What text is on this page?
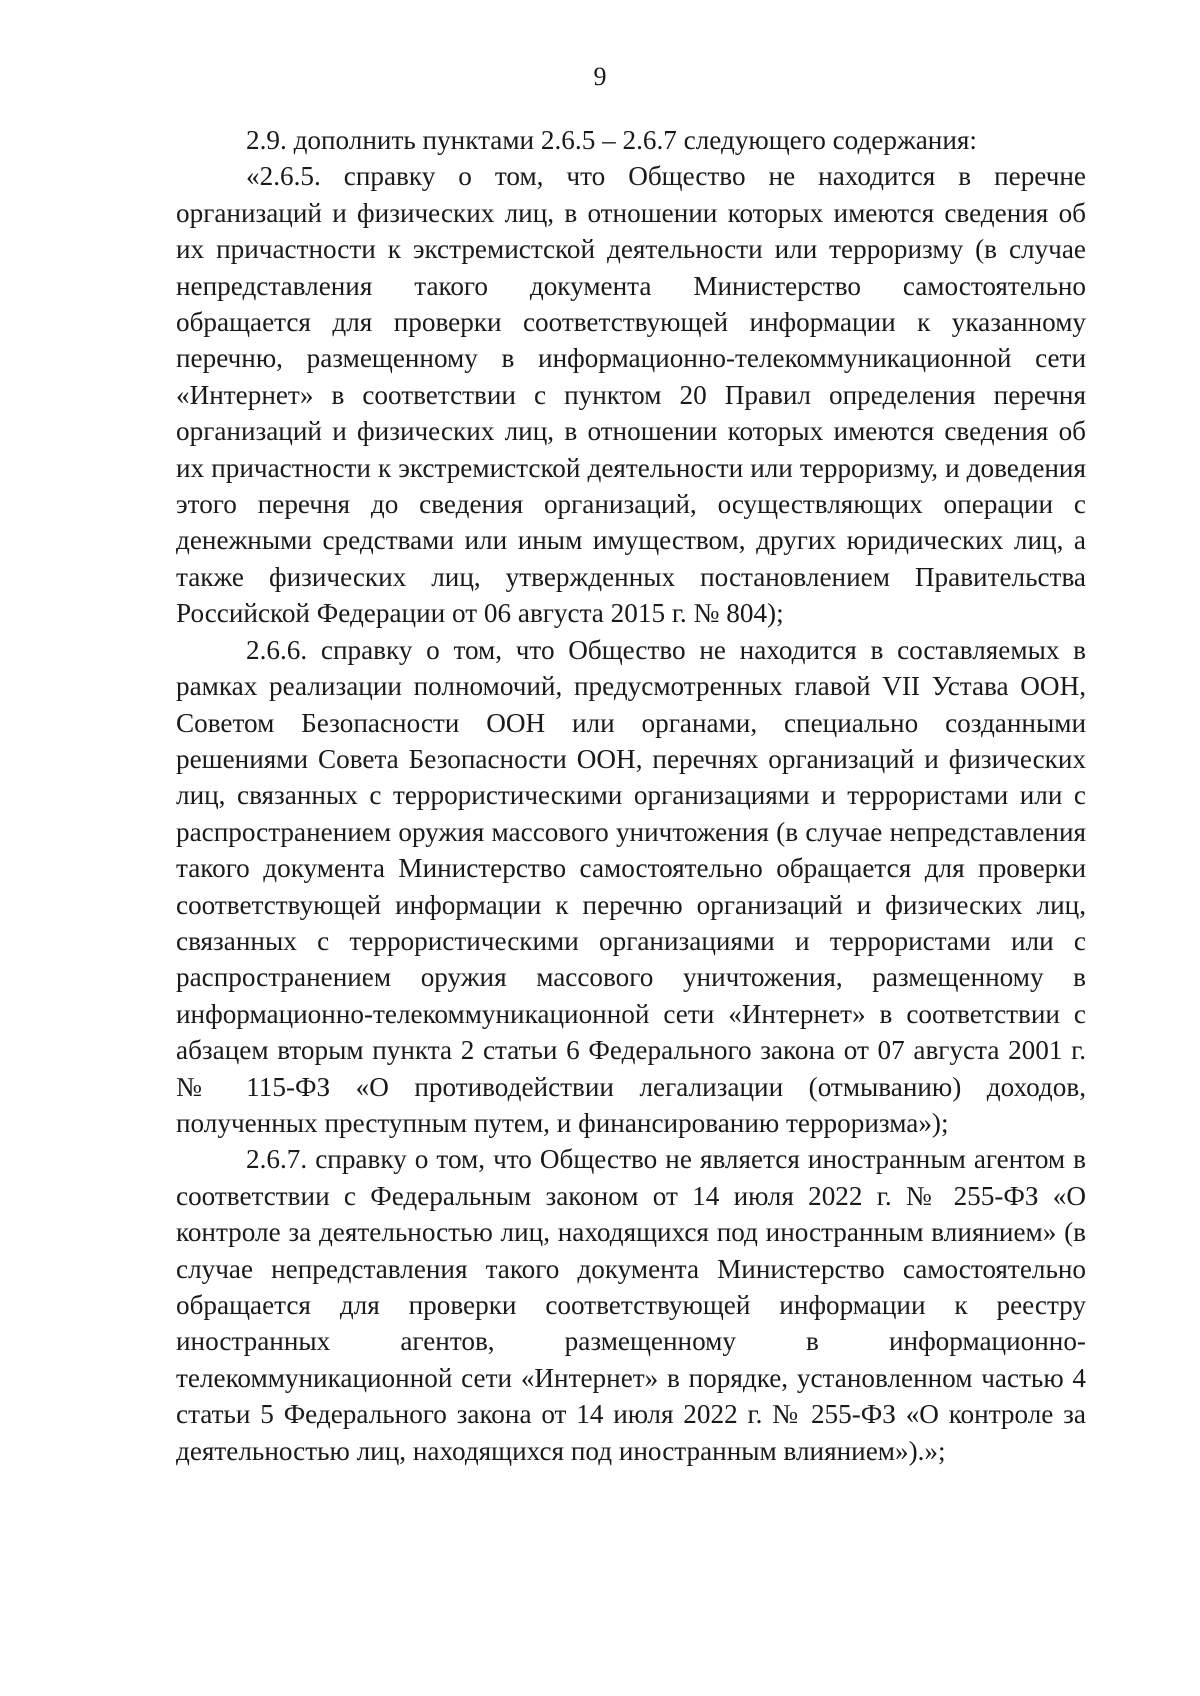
9

2.9. дополнить пунктами 2.6.5 – 2.6.7 следующего содержания:

«2.6.5. справку о том, что Общество не находится в перечне организаций и физических лиц, в отношении которых имеются сведения об их причастности к экстремистской деятельности или терроризму (в случае непредставления такого документа Министерство самостоятельно обращается для проверки соответствующей информации к указанному перечню, размещенному в информационно-телекоммуникационной сети «Интернет» в соответствии с пунктом 20 Правил определения перечня организаций и физических лиц, в отношении которых имеются сведения об их причастности к экстремистской деятельности или терроризму, и доведения этого перечня до сведения организаций, осуществляющих операции с денежными средствами или иным имуществом, других юридических лиц, а также физических лиц, утвержденных постановлением Правительства Российской Федерации от 06 августа 2015 г. № 804);

2.6.6. справку о том, что Общество не находится в составляемых в рамках реализации полномочий, предусмотренных главой VII Устава ООН, Советом Безопасности ООН или органами, специально созданными решениями Совета Безопасности ООН, перечнях организаций и физических лиц, связанных с террористическими организациями и террористами или с распространением оружия массового уничтожения (в случае непредставления такого документа Министерство самостоятельно обращается для проверки соответствующей информации к перечню организаций и физических лиц, связанных с террористическими организациями и террористами или с распространением оружия массового уничтожения, размещенному в информационно-телекоммуникационной сети «Интернет» в соответствии с абзацем вторым пункта 2 статьи 6 Федерального закона от 07 августа 2001 г. № 115-ФЗ «О противодействии легализации (отмыванию) доходов, полученных преступным путем, и финансированию терроризма»);

2.6.7. справку о том, что Общество не является иностранным агентом в соответствии с Федеральным законом от 14 июля 2022 г. № 255-ФЗ «О контроле за деятельностью лиц, находящихся под иностранным влиянием» (в случае непредставления такого документа Министерство самостоятельно обращается для проверки соответствующей информации к реестру иностранных агентов, размещенному в информационно-телекоммуникационной сети «Интернет» в порядке, установленном частью 4 статьи 5 Федерального закона от 14 июля 2022 г. № 255-ФЗ «О контроле за деятельностью лиц, находящихся под иностранным влиянием»).»;
